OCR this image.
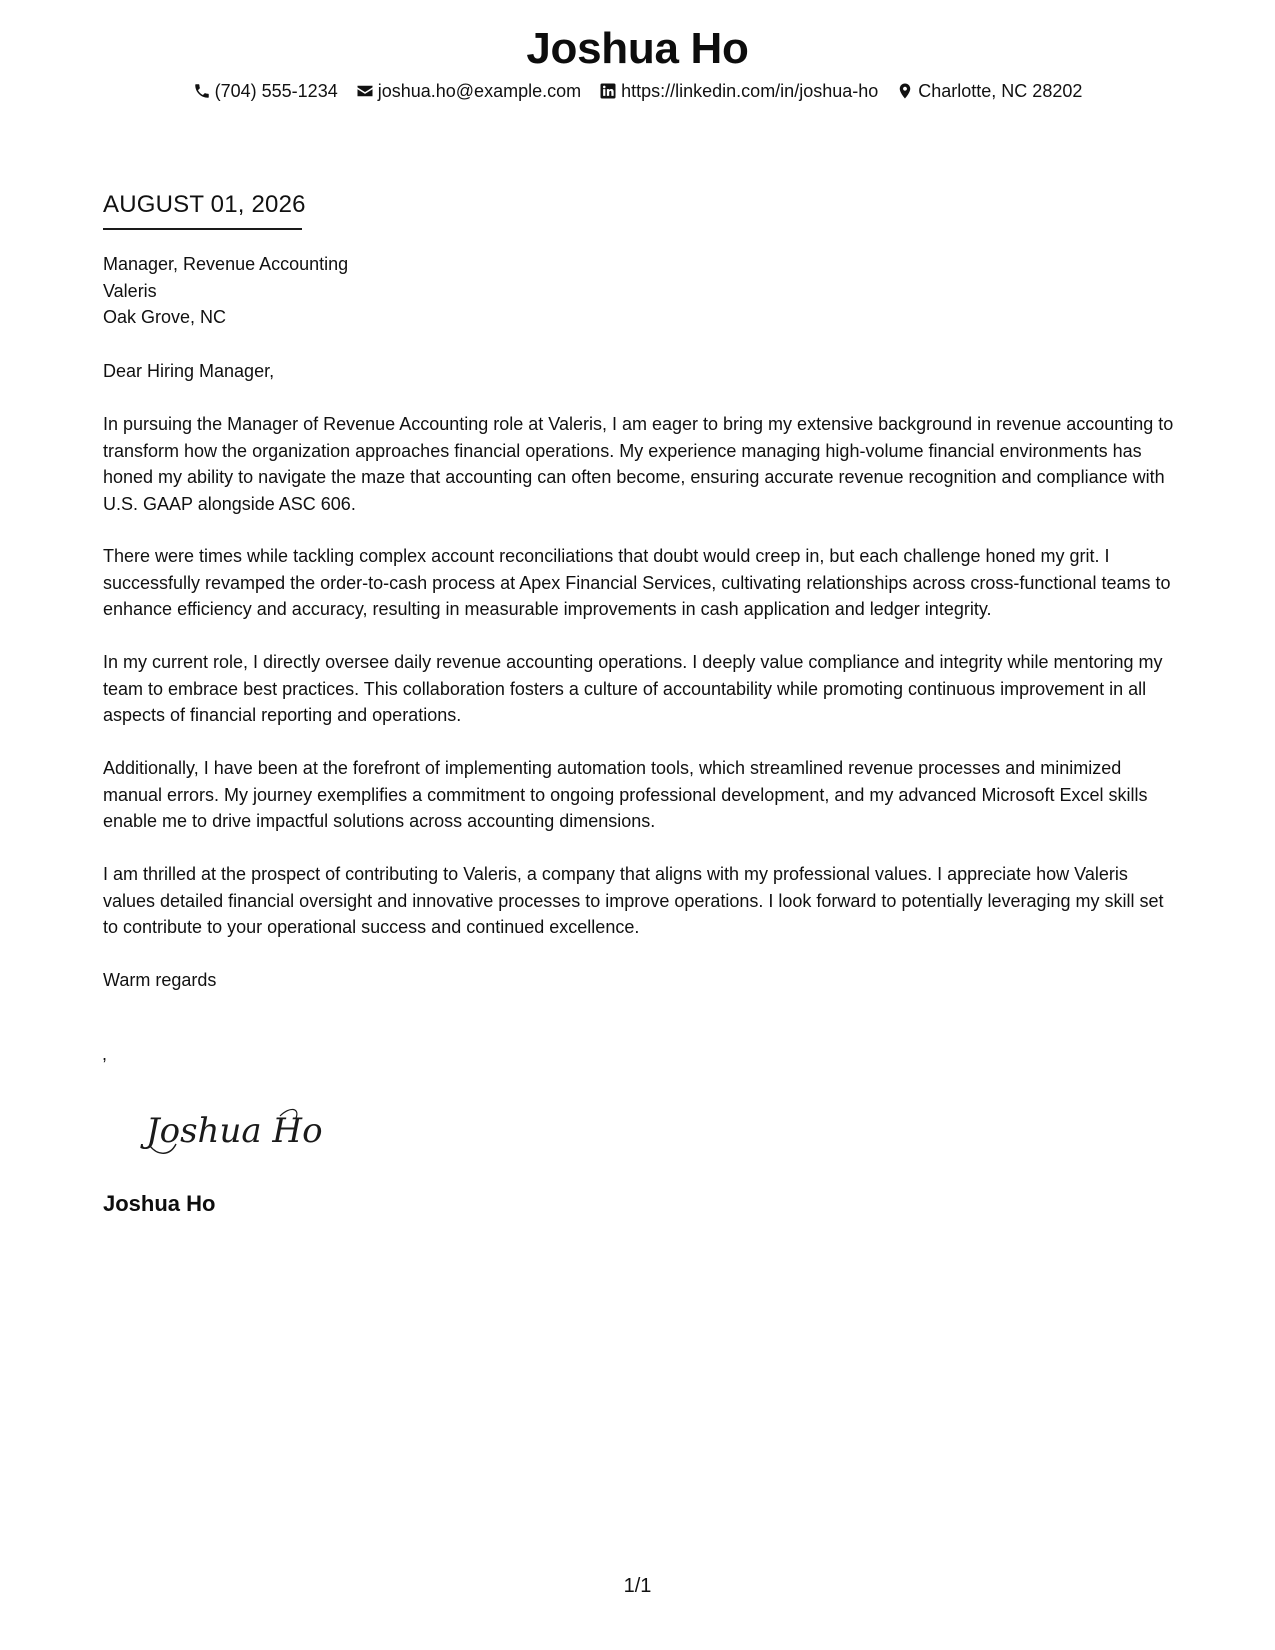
Joshua Ho
(704) 555-1234 joshua.ho@example.com https://linkedin.com/in/joshua-ho Charlotte, NC 28202
AUGUST 01, 2026
Manager, Revenue Accounting
Valeris
Oak Grove, NC
Dear Hiring Manager,
In pursuing the Manager of Revenue Accounting role at Valeris, I am eager to bring my extensive background in revenue accounting to transform how the organization approaches financial operations. My experience managing high-volume financial environments has honed my ability to navigate the maze that accounting can often become, ensuring accurate revenue recognition and compliance with U.S. GAAP alongside ASC 606.
There were times while tackling complex account reconciliations that doubt would creep in, but each challenge honed my grit. I successfully revamped the order-to-cash process at Apex Financial Services, cultivating relationships across cross-functional teams to enhance efficiency and accuracy, resulting in measurable improvements in cash application and ledger integrity.
In my current role, I directly oversee daily revenue accounting operations. I deeply value compliance and integrity while mentoring my team to embrace best practices. This collaboration fosters a culture of accountability while promoting continuous improvement in all aspects of financial reporting and operations.
Additionally, I have been at the forefront of implementing automation tools, which streamlined revenue processes and minimized manual errors. My journey exemplifies a commitment to ongoing professional development, and my advanced Microsoft Excel skills enable me to drive impactful solutions across accounting dimensions.
I am thrilled at the prospect of contributing to Valeris, a company that aligns with my professional values. I appreciate how Valeris values detailed financial oversight and innovative processes to improve operations. I look forward to potentially leveraging my skill set to contribute to your operational success and continued excellence.
Warm regards
,
Joshua Ho
Joshua Ho
1/1
